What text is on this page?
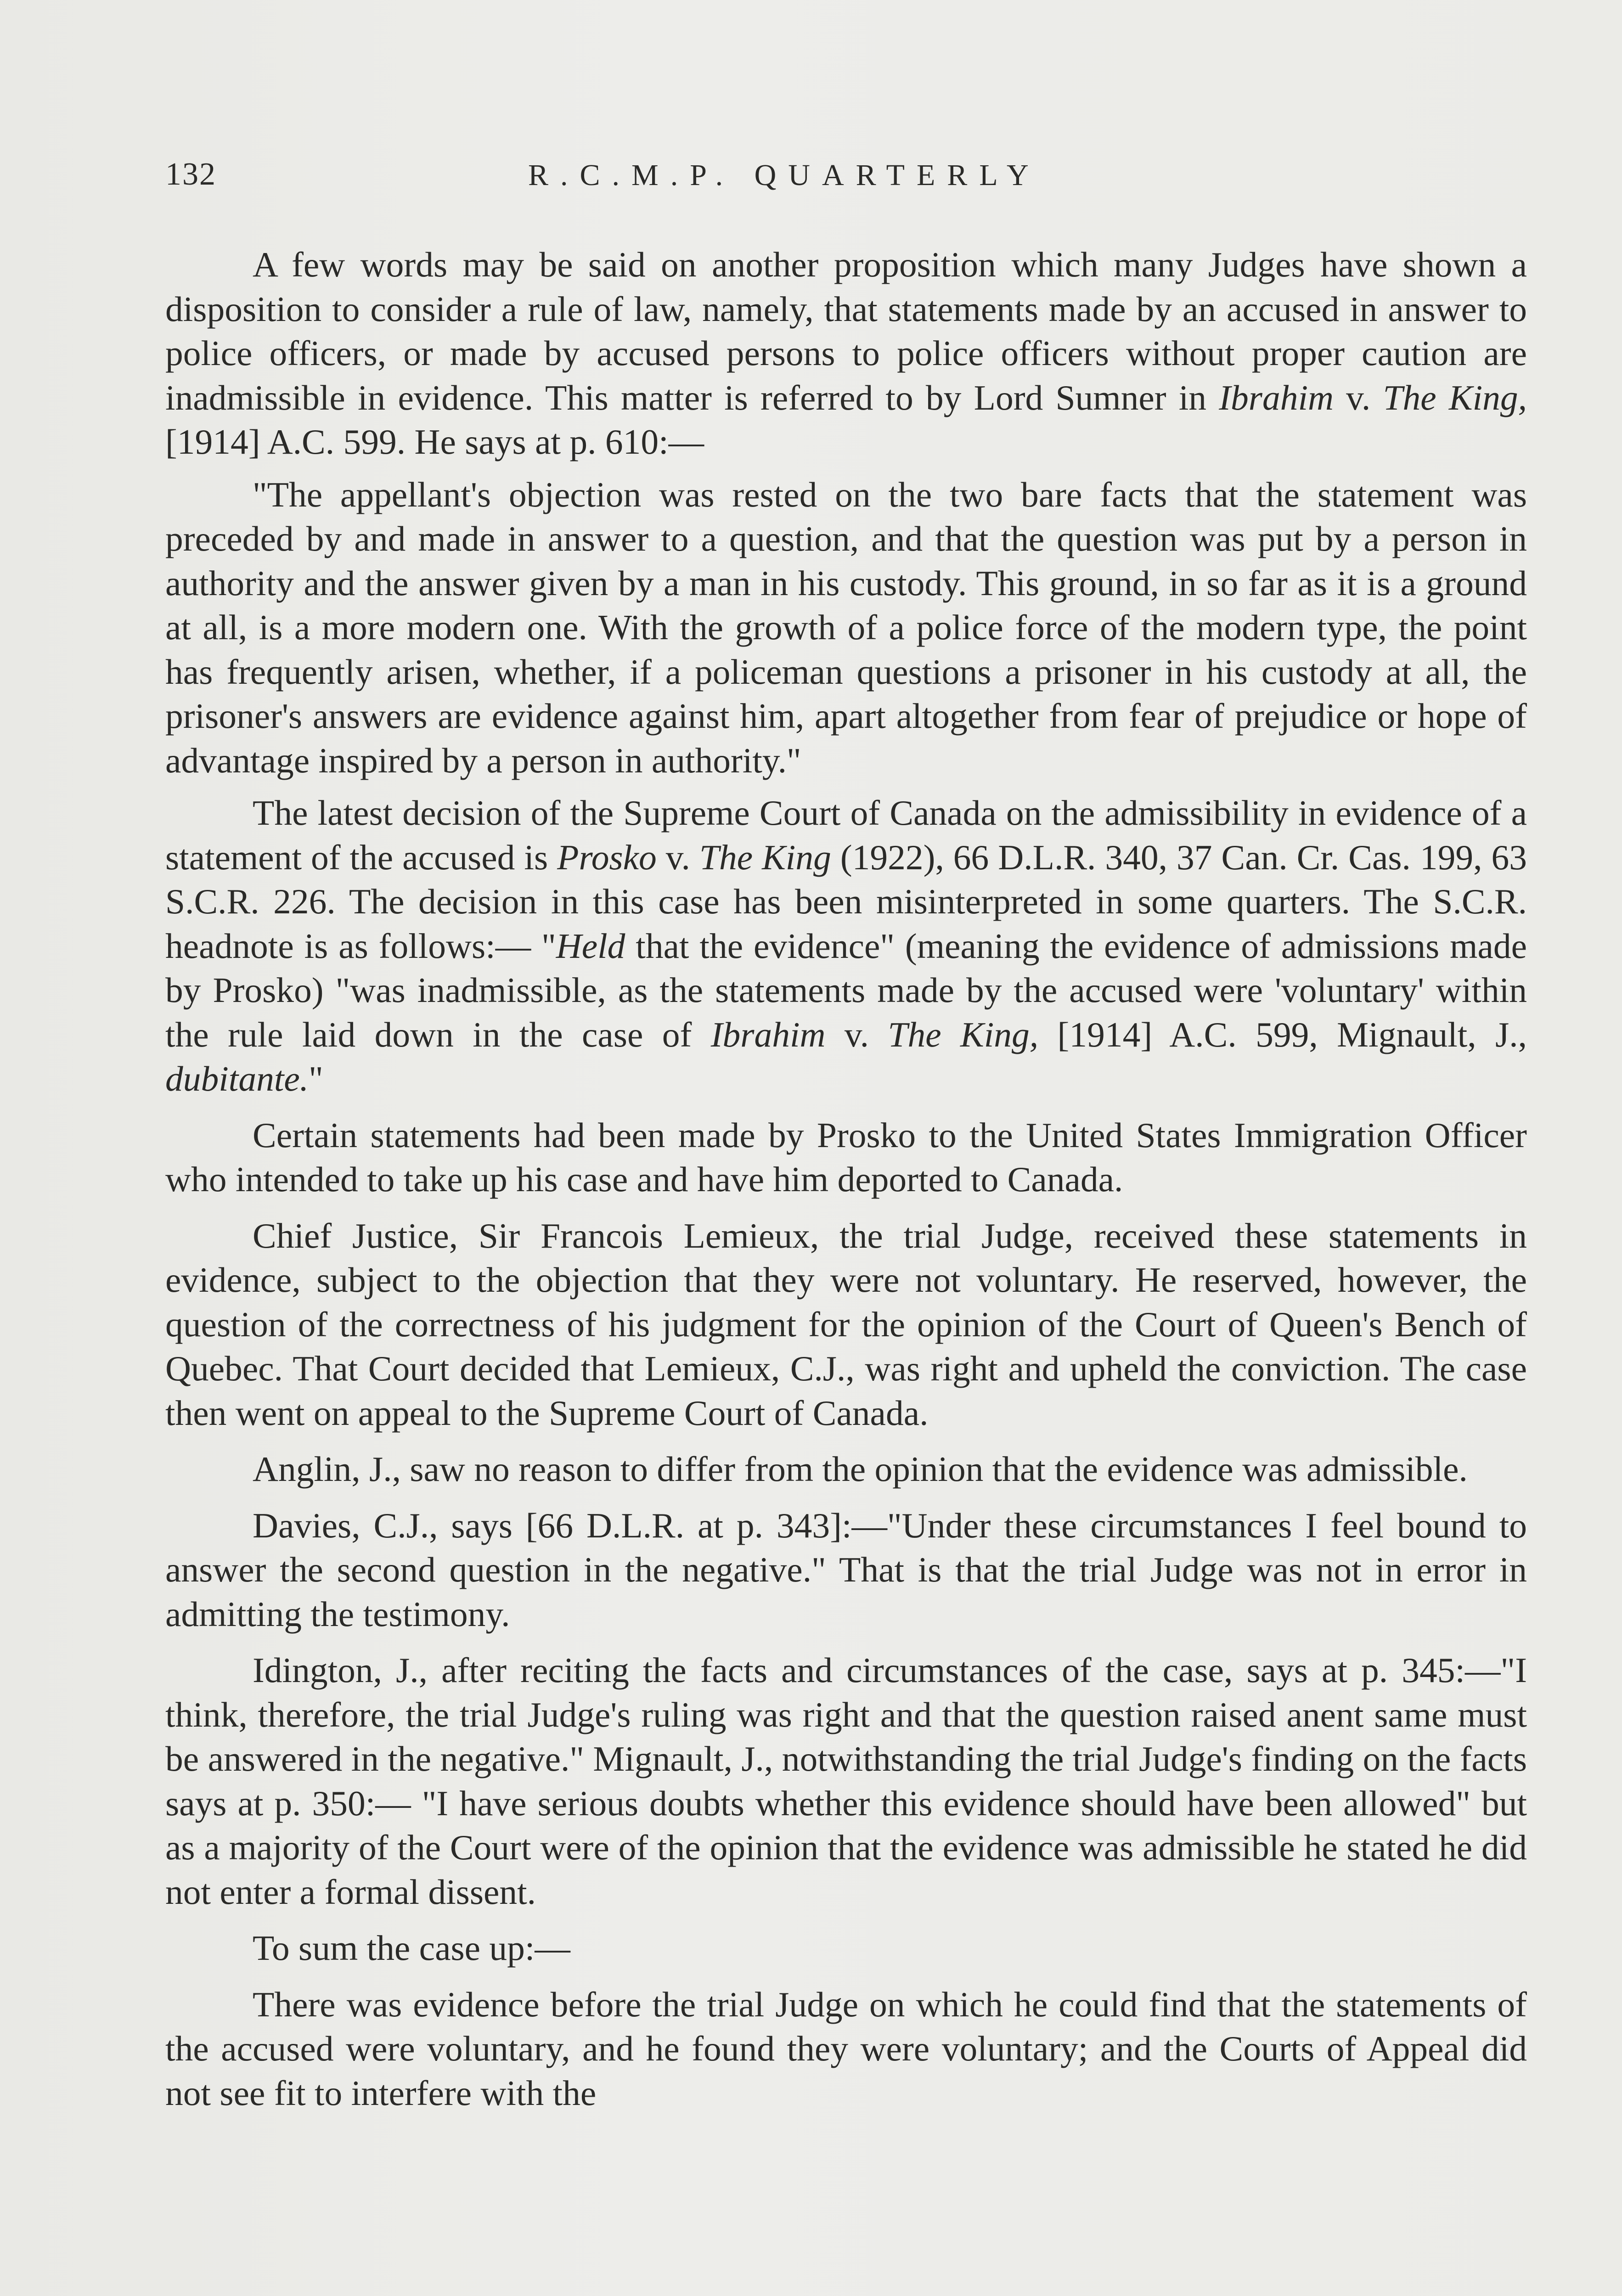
132	R.C.M.P. QUARTERLY

A few words may be said on another proposition which many Judges have shown a disposition to consider a rule of law, namely, that statements made by an accused in answer to police officers, or made by accused persons to police officers without proper caution are inadmissible in evidence. This matter is referred to by Lord Sumner in Ibrahim v. The King, [1914] A.C. 599. He says at p. 610:—

"The appellant's objection was rested on the two bare facts that the statement was preceded by and made in answer to a question, and that the question was put by a person in authority and the answer given by a man in his custody. This ground, in so far as it is a ground at all, is a more modern one. With the growth of a police force of the modern type, the point has frequently arisen, whether, if a policeman questions a prisoner in his custody at all, the prisoner's answers are evidence against him, apart altogether from fear of prejudice or hope of advantage inspired by a person in authority."

The latest decision of the Supreme Court of Canada on the admissibility in evidence of a statement of the accused is Prosko v. The King (1922), 66 D.L.R. 340, 37 Can. Cr. Cas. 199, 63 S.C.R. 226. The decision in this case has been misinterpreted in some quarters. The S.C.R. headnote is as follows:— "Held that the evidence" (meaning the evidence of admissions made by Prosko) "was inadmissible, as the statements made by the accused were 'voluntary' within the rule laid down in the case of Ibrahim v. The King, [1914] A.C. 599, Mignault, J., dubitante."

Certain statements had been made by Prosko to the United States Immigration Officer who intended to take up his case and have him deported to Canada.

Chief Justice, Sir Francois Lemieux, the trial Judge, received these statements in evidence, subject to the objection that they were not voluntary. He reserved, however, the question of the correctness of his judgment for the opinion of the Court of Queen's Bench of Quebec. That Court decided that Lemieux, C.J., was right and upheld the conviction. The case then went on appeal to the Supreme Court of Canada.

Anglin, J., saw no reason to differ from the opinion that the evidence was admissible.

Davies, C.J., says [66 D.L.R. at p. 343]:—"Under these circumstances I feel bound to answer the second question in the negative." That is that the trial Judge was not in error in admitting the testimony.

Idington, J., after reciting the facts and circumstances of the case, says at p. 345:—"I think, therefore, the trial Judge's ruling was right and that the question raised anent same must be answered in the negative." Mignault, J., notwithstanding the trial Judge's finding on the facts says at p. 350:— "I have serious doubts whether this evidence should have been allowed" but as a majority of the Court were of the opinion that the evidence was admissible he stated he did not enter a formal dissent.

To sum the case up:—

There was evidence before the trial Judge on which he could find that the statements of the accused were voluntary, and he found they were voluntary; and the Courts of Appeal did not see fit to interfere with the
